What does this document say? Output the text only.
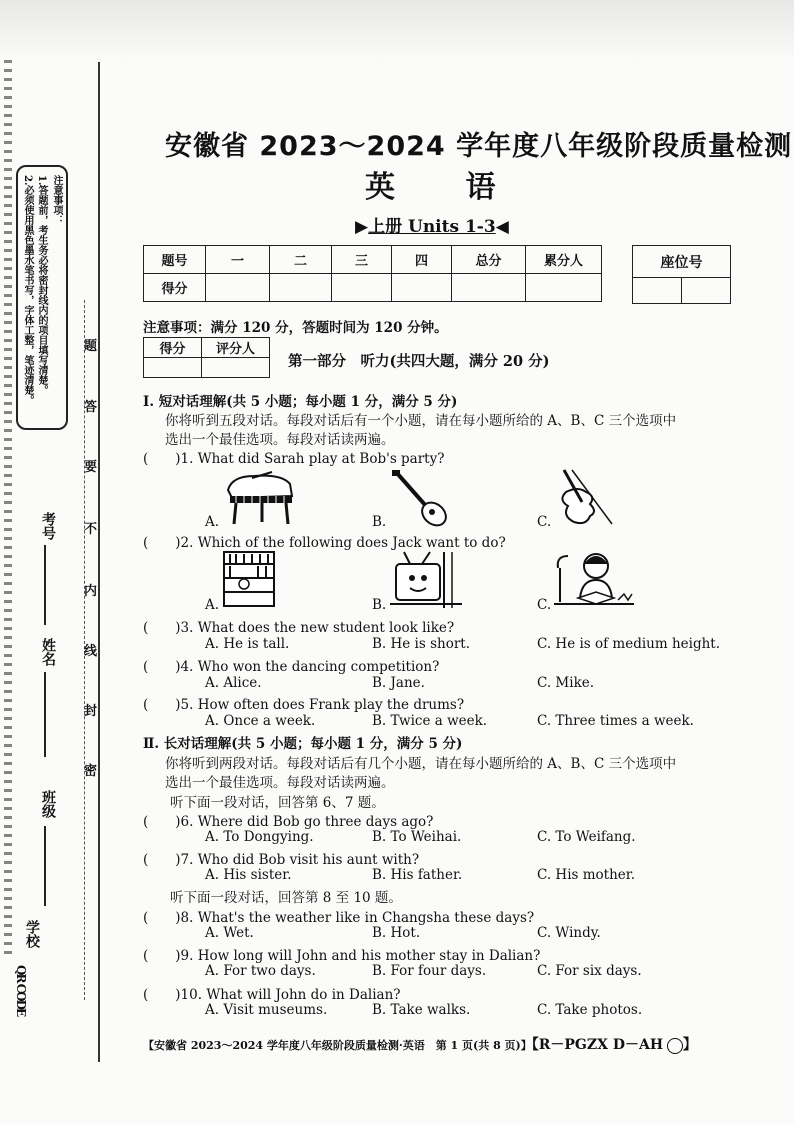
注意事项：
1.答题前，考生务必将密封线内的项目填写清楚。
2.必须使用黑色墨水笔书写，字体工整，笔迹清楚。	题
答
要
不
内
线
封
密
考号
姓名
班级
学校
QR CODE
安徽省 2023～2024 学年度八年级阶段质量检测
英 语
▶上册 Units 1-3◀
题号	一	二	三	四	总分	累分人
得分						
座位号

注意事项：满分 120 分，答题时间为 120 分钟。
得分	评分人

第一部分　听力(共四大题，满分 20 分)
Ⅰ. 短对话理解(共 5 小题；每小题 1 分，满分 5 分)
你将听到五段对话。每段对话后有一个小题，请在每小题所给的 A、B、C 三个选项中
选出一个最佳选项。每段对话读两遍。
(　　)1. What did Sarah play at Bob's party?
A.	B.	C.
(　　)2. Which of the following does Jack want to do?
A.	B.	C.
(　　)3. What does the new student look like?
A. He is tall.	B. He is short.	C. He is of medium height.
(　　)4. Who won the dancing competition?
A. Alice.	B. Jane.	C. Mike.
(　　)5. How often does Frank play the drums?
A. Once a week.	B. Twice a week.	C. Three times a week.
Ⅱ. 长对话理解(共 5 小题；每小题 1 分，满分 5 分)
你将听到两段对话。每段对话后有几个小题，请在每小题所给的 A、B、C 三个选项中
选出一个最佳选项。每段对话读两遍。
听下面一段对话，回答第 6、7 题。
(　　)6. Where did Bob go three days ago?
A. To Dongying.	B. To Weihai.	C. To Weifang.
(　　)7. Who did Bob visit his aunt with?
A. His sister.	B. His father.	C. His mother.
听下面一段对话，回答第 8 至 10 题。
(　　)8. What's the weather like in Changsha these days?
A. Wet.	B. Hot.	C. Windy.
(　　)9. How long will John and his mother stay in Dalian?
A. For two days.	B. For four days.	C. For six days.
(　　)10. What will John do in Dalian?
A. Visit museums.	B. Take walks.	C. Take photos.
【安徽省 2023～2024 学年度八年级阶段质量检测·英语　第 1 页(共 8 页)】【R－PGZX D－AH ○】
